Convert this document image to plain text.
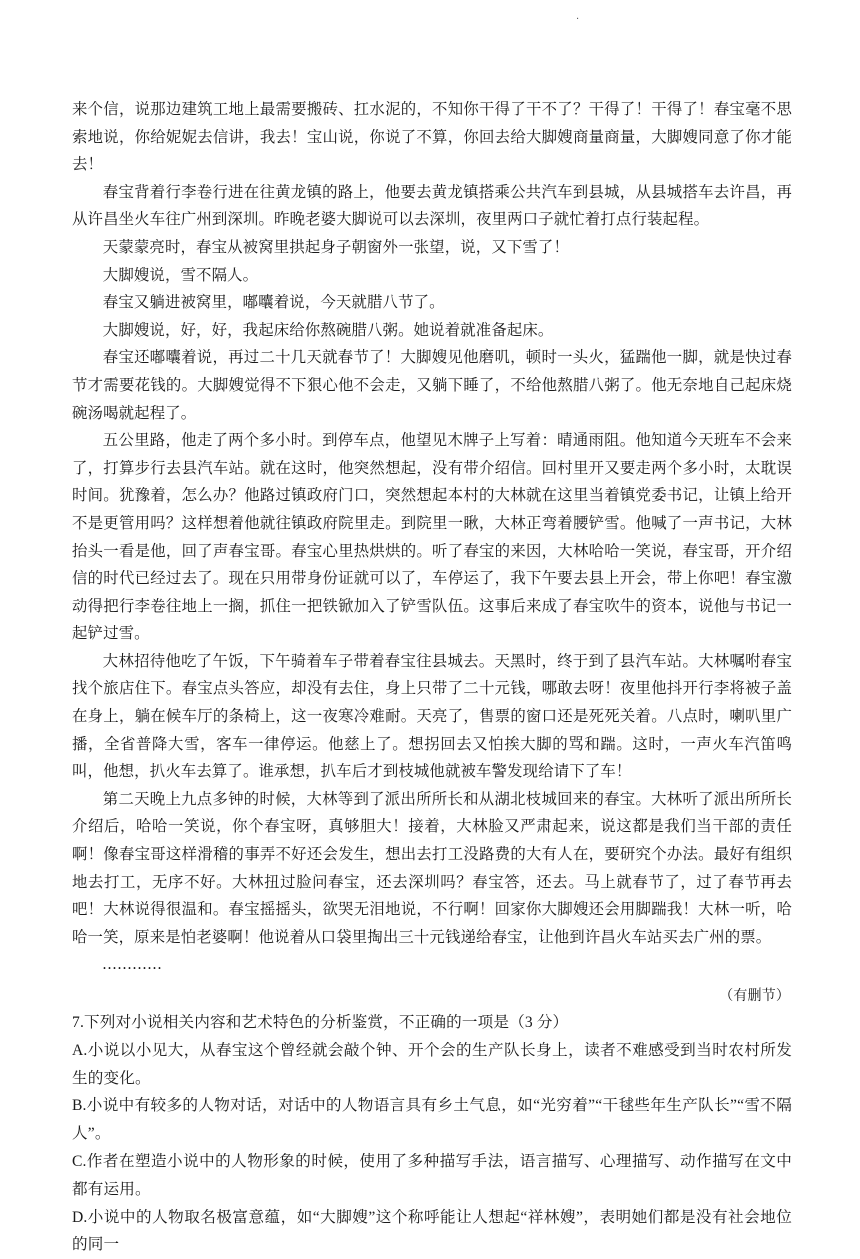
·

来个信，说那边建筑工地上最需要搬砖、扛水泥的，不知你干得了干不了？干得了！干得了！春宝毫不思索地说，你给妮妮去信讲，我去！宝山说，你说了不算，你回去给大脚嫂商量商量，大脚嫂同意了你才能去！

春宝背着行李卷行进在往黄龙镇的路上，他要去黄龙镇搭乘公共汽车到县城，从县城搭车去许昌，再从许昌坐火车往广州到深圳。昨晚老婆大脚说可以去深圳，夜里两口子就忙着打点行装起程。

天蒙蒙亮时，春宝从被窝里拱起身子朝窗外一张望，说，又下雪了！

大脚嫂说，雪不隔人。

春宝又躺进被窝里，嘟囔着说，今天就腊八节了。

大脚嫂说，好，好，我起床给你熬碗腊八粥。她说着就准备起床。

春宝还嘟囔着说，再过二十几天就春节了！大脚嫂见他磨叽，顿时一头火，猛踹他一脚，就是快过春节才需要花钱的。大脚嫂觉得不下狠心他不会走，又躺下睡了，不给他熬腊八粥了。他无奈地自己起床烧碗汤喝就起程了。

五公里路，他走了两个多小时。到停车点，他望见木牌子上写着：晴通雨阻。他知道今天班车不会来了，打算步行去县汽车站。就在这时，他突然想起，没有带介绍信。回村里开又要走两个多小时，太耽误时间。犹豫着，怎么办？他路过镇政府门口，突然想起本村的大林就在这里当着镇党委书记，让镇上给开不是更管用吗？这样想着他就往镇政府院里走。到院里一瞅，大林正弯着腰铲雪。他喊了一声书记，大林抬头一看是他，回了声春宝哥。春宝心里热烘烘的。听了春宝的来因，大林哈哈一笑说，春宝哥，开介绍信的时代已经过去了。现在只用带身份证就可以了，车停运了，我下午要去县上开会，带上你吧！春宝激动得把行李卷往地上一搁，抓住一把铁锨加入了铲雪队伍。这事后来成了春宝吹牛的资本，说他与书记一起铲过雪。

大林招待他吃了午饭，下午骑着车子带着春宝往县城去。天黑时，终于到了县汽车站。大林嘱咐春宝找个旅店住下。春宝点头答应，却没有去住，身上只带了二十元钱，哪敢去呀！夜里他抖开行李将被子盖在身上，躺在候车厅的条椅上，这一夜寒冷难耐。天亮了，售票的窗口还是死死关着。八点时，喇叭里广播，全省普降大雪，客车一律停运。他慈上了。想拐回去又怕挨大脚的骂和踹。这时，一声火车汽笛鸣叫，他想，扒火车去算了。谁承想，扒车后才到枝城他就被车警发现给请下了车！

第二天晚上九点多钟的时候，大林等到了派出所所长和从湖北枝城回来的春宝。大林听了派出所所长介绍后，哈哈一笑说，你个春宝呀，真够胆大！接着，大林脸又严肃起来，说这都是我们当干部的责任啊！像春宝哥这样滑稽的事弄不好还会发生，想出去打工没路费的大有人在，要研究个办法。最好有组织地去打工，无序不好。大林扭过脸问春宝，还去深圳吗？春宝答，还去。马上就春节了，过了春节再去吧！大林说得很温和。春宝摇摇头，欲哭无泪地说，不行啊！回家你大脚嫂还会用脚踹我！大林一听，哈哈一笑，原来是怕老婆啊！他说着从口袋里掏出三十元钱递给春宝，让他到许昌火车站买去广州的票。

…………

（有删节）

7.下列对小说相关内容和艺术特色的分析鉴赏，不正确的一项是（3 分）

A.小说以小见大，从春宝这个曾经就会敲个钟、开个会的生产队长身上，读者不难感受到当时农村所发生的变化。

B.小说中有较多的人物对话，对话中的人物语言具有乡土气息，如“光穷着”“干毬些年生产队长”“雪不隔人”。

C.作者在塑造小说中的人物形象的时候，使用了多种描写手法，语言描写、心理描写、动作描写在文中都有运用。

D.小说中的人物取名极富意蕴，如“大脚嫂”这个称呼能让人想起“祥林嫂”，表明她们都是没有社会地位的同一
